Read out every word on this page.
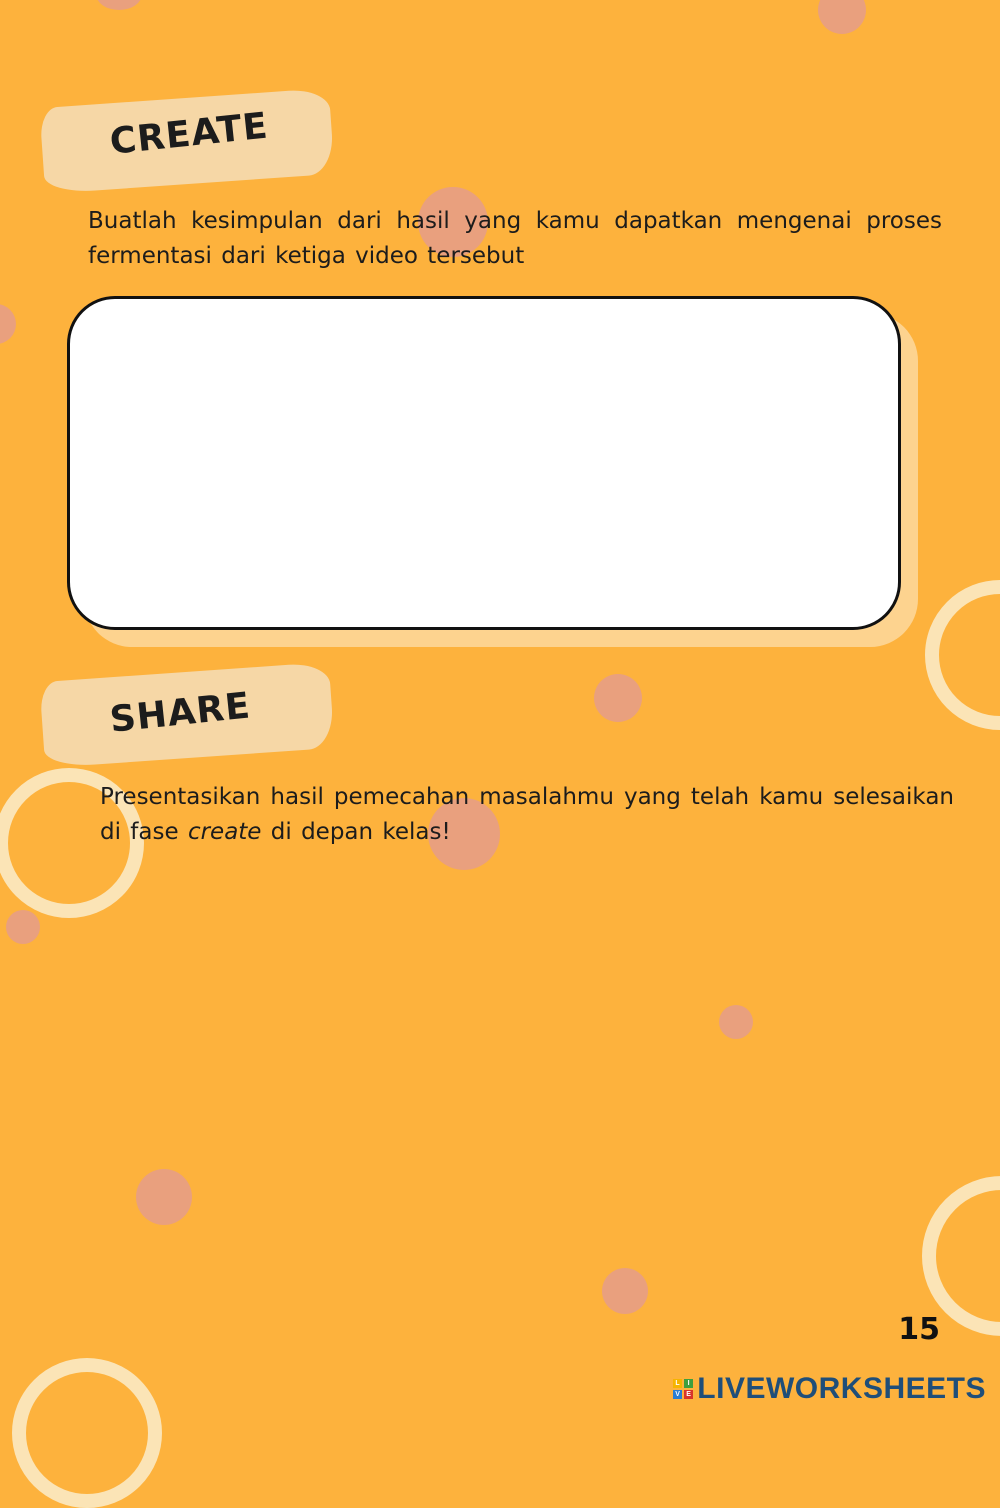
CREATE
Buatlah kesimpulan dari hasil yang kamu dapatkan mengenai proses fermentasi dari ketiga video tersebut
SHARE
Presentasikan hasil pemecahan masalahmu yang telah kamu selesaikan di fase create di depan kelas!
15
L	I
V E LIVEWORKSHEETS
